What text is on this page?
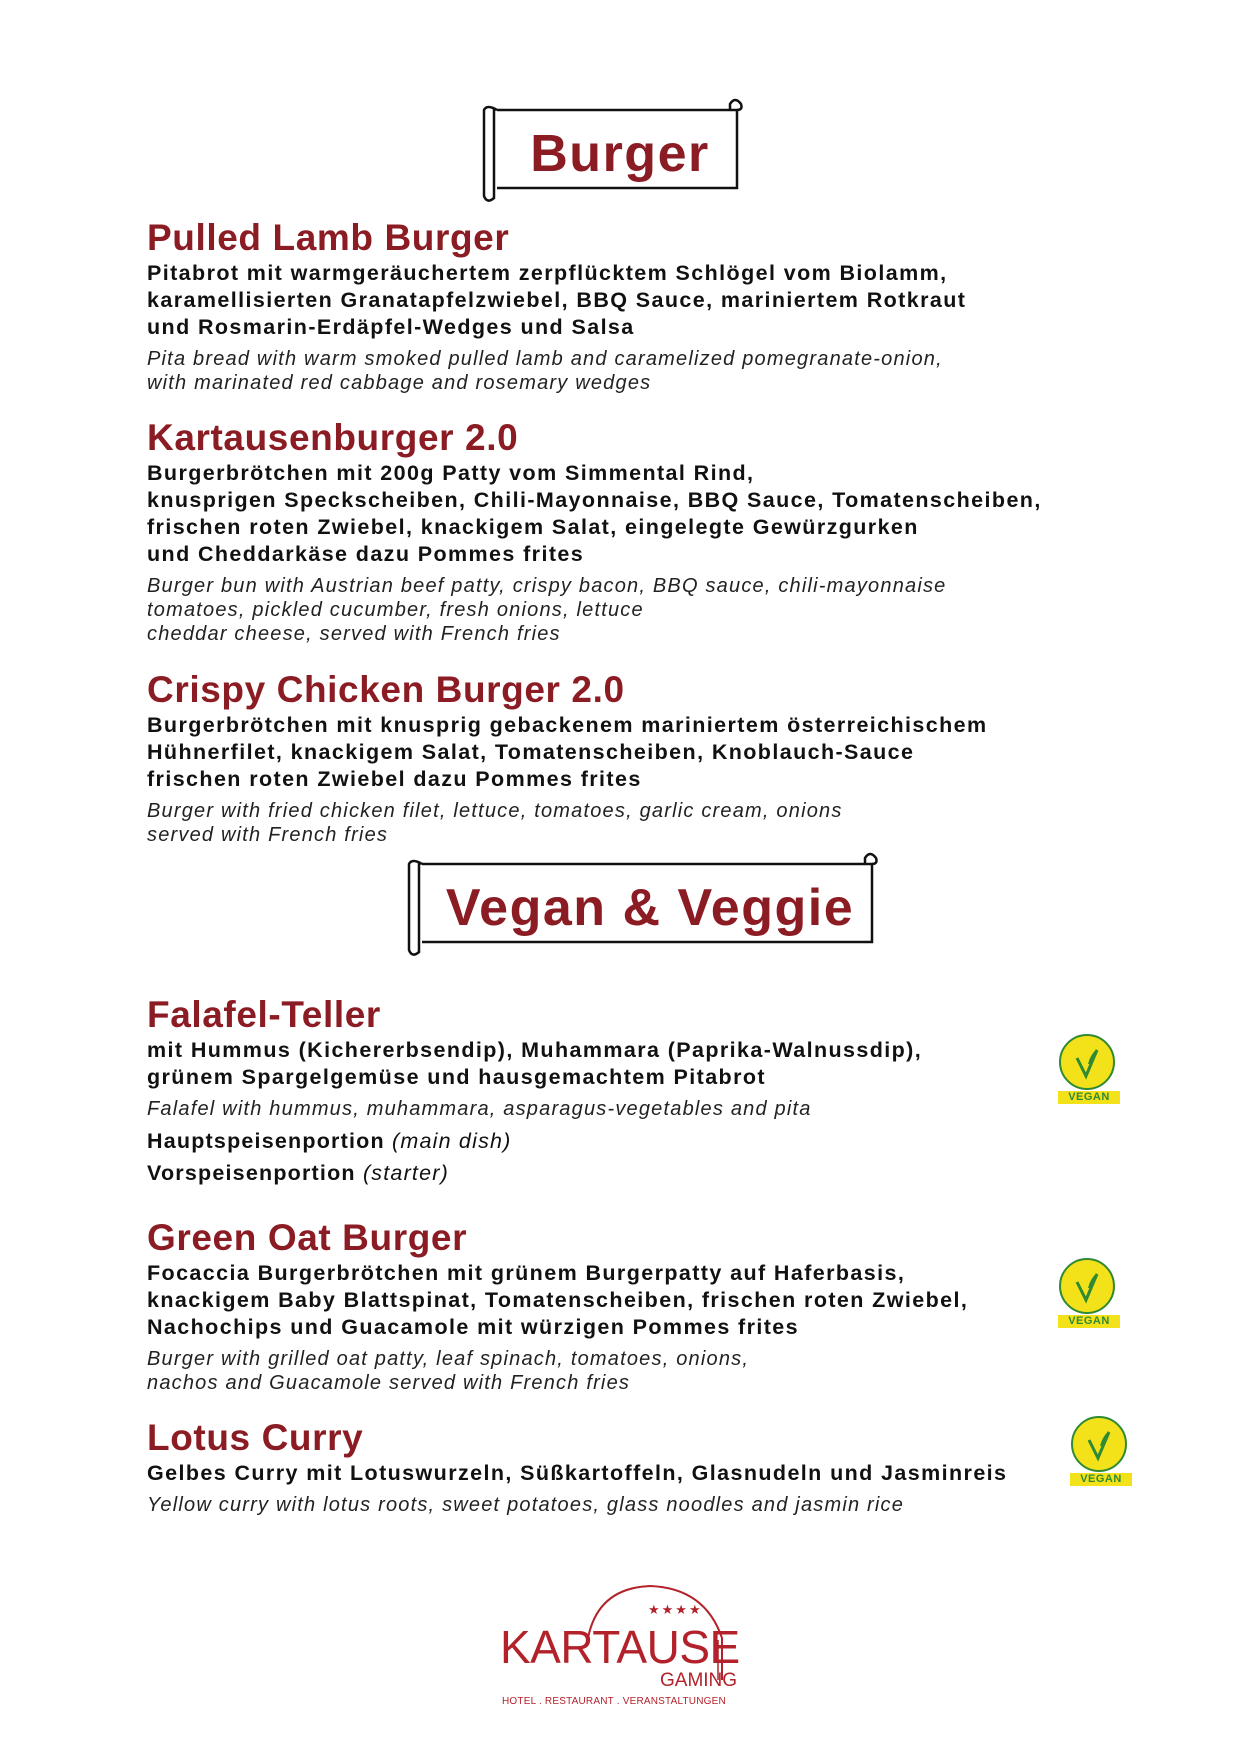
Burger
Pulled Lamb Burger
Pitabrot mit warmgeräuchertem zerpflücktem Schlögel vom Biolamm,
karamellisierten Granatapfelzwiebel, BBQ Sauce, mariniertem Rotkraut
und Rosmarin-Erdäpfel-Wedges und Salsa
Pita bread with warm smoked pulled lamb and caramelized pomegranate-onion,
with marinated red cabbage and rosemary wedges
Kartausenburger 2.0
Burgerbrötchen mit 200g Patty vom Simmental Rind,
knusprigen Speckscheiben, Chili-Mayonnaise, BBQ Sauce, Tomatenscheiben,
frischen roten Zwiebel, knackigem Salat, eingelegte Gewürzgurken
und Cheddarkäse dazu Pommes frites
Burger bun with Austrian beef patty, crispy bacon, BBQ sauce, chili-mayonnaise
tomatoes, pickled cucumber, fresh onions, lettuce
cheddar cheese, served with French fries
Crispy Chicken Burger 2.0
Burgerbrötchen mit knusprig gebackenem mariniertem österreichischem
Hühnerfilet, knackigem Salat, Tomatenscheiben, Knoblauch-Sauce
frischen roten Zwiebel dazu Pommes frites
Burger with fried chicken filet, lettuce, tomatoes, garlic cream, onions
served with French fries
Vegan & Veggie
Falafel-Teller
mit Hummus (Kichererbsendip), Muhammara (Paprika-Walnussdip),
grünem Spargelgemüse und hausgemachtem Pitabrot
Falafel with hummus, muhammara, asparagus-vegetables and pita
Hauptspeisenportion (main dish)
Vorspeisenportion (starter)
Green Oat Burger
Focaccia Burgerbrötchen mit grünem Burgerpatty auf Haferbasis,
knackigem Baby Blattspinat, Tomatenscheiben, frischen roten Zwiebel,
Nachochips und Guacamole mit würzigen Pommes frites
Burger with grilled oat patty, leaf spinach, tomatoes, onions,
nachos and Guacamole served with French fries
Lotus Curry
Gelbes Curry mit Lotuswurzeln, Süßkartoffeln, Glasnudeln und Jasminreis
Yellow curry with lotus roots, sweet potatoes, glass noodles and jasmin rice
VEGAN
VEGAN
VEGAN
★★★★
KARTAUSE
GAMING
HOTEL . RESTAURANT . VERANSTALTUNGEN
